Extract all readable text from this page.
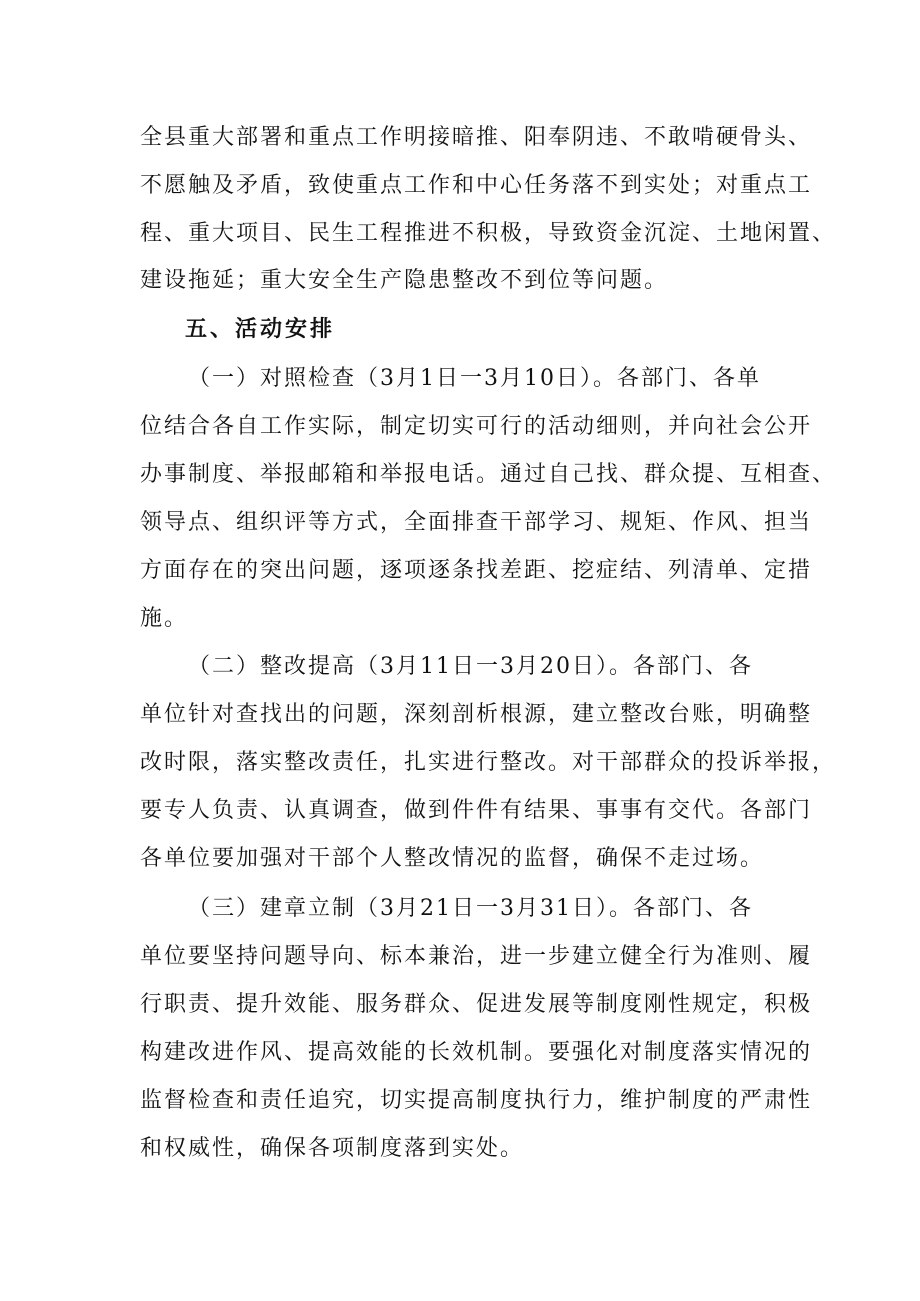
全县重大部署和重点工作明接暗推、阳奉阴违、不敢啃硬骨头、
不愿触及矛盾，致使重点工作和中心任务落不到实处；对重点工
程、重大项目、民生工程推进不积极，导致资金沉淀、土地闲置、
建设拖延；重大安全生产隐患整改不到位等问题。
五、活动安排
（一）对照检查（3月1日一3月10日）。各部门、各单
位结合各自工作实际，制定切实可行的活动细则，并向社会公开
办事制度、举报邮箱和举报电话。通过自己找、群众提、互相查、
领导点、组织评等方式，全面排查干部学习、规矩、作风、担当
方面存在的突出问题，逐项逐条找差距、挖症结、列清单、定措
施。
（二）整改提高（3月11日一3月20日）。各部门、各
单位针对查找出的问题，深刻剖析根源，建立整改台账，明确整
改时限，落实整改责任，扎实进行整改。对干部群众的投诉举报，
要专人负责、认真调查，做到件件有结果、事事有交代。各部门
各单位要加强对干部个人整改情况的监督，确保不走过场。
（三）建章立制（3月21日一3月31日）。各部门、各
单位要坚持问题导向、标本兼治，进一步建立健全行为准则、履
行职责、提升效能、服务群众、促进发展等制度刚性规定，积极
构建改进作风、提高效能的长效机制。要强化对制度落实情况的
监督检查和责任追究，切实提高制度执行力，维护制度的严肃性
和权威性，确保各项制度落到实处。
